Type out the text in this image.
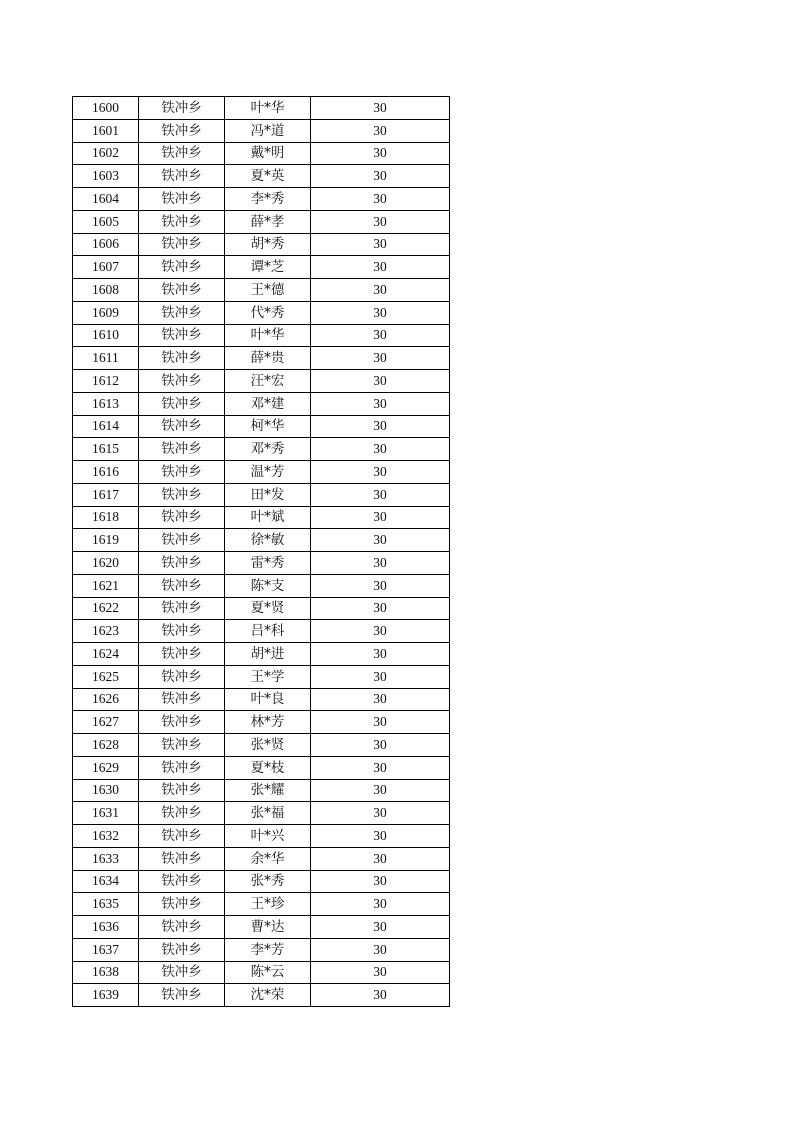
1600	铁冲乡	叶*华	30
1601	铁冲乡	冯*道	30
1602	铁冲乡	戴*明	30
1603	铁冲乡	夏*英	30
1604	铁冲乡	李*秀	30
1605	铁冲乡	薛*孝	30
1606	铁冲乡	胡*秀	30
1607	铁冲乡	谭*芝	30
1608	铁冲乡	王*德	30
1609	铁冲乡	代*秀	30
1610	铁冲乡	叶*华	30
1611	铁冲乡	薛*贵	30
1612	铁冲乡	汪*宏	30
1613	铁冲乡	邓*建	30
1614	铁冲乡	柯*华	30
1615	铁冲乡	邓*秀	30
1616	铁冲乡	温*芳	30
1617	铁冲乡	田*发	30
1618	铁冲乡	叶*斌	30
1619	铁冲乡	徐*敏	30
1620	铁冲乡	雷*秀	30
1621	铁冲乡	陈*支	30
1622	铁冲乡	夏*贤	30
1623	铁冲乡	吕*科	30
1624	铁冲乡	胡*进	30
1625	铁冲乡	王*学	30
1626	铁冲乡	叶*良	30
1627	铁冲乡	林*芳	30
1628	铁冲乡	张*贤	30
1629	铁冲乡	夏*枝	30
1630	铁冲乡	张*耀	30
1631	铁冲乡	张*福	30
1632	铁冲乡	叶*兴	30
1633	铁冲乡	余*华	30
1634	铁冲乡	张*秀	30
1635	铁冲乡	王*珍	30
1636	铁冲乡	曹*达	30
1637	铁冲乡	李*芳	30
1638	铁冲乡	陈*云	30
1639	铁冲乡	沈*荣	30
